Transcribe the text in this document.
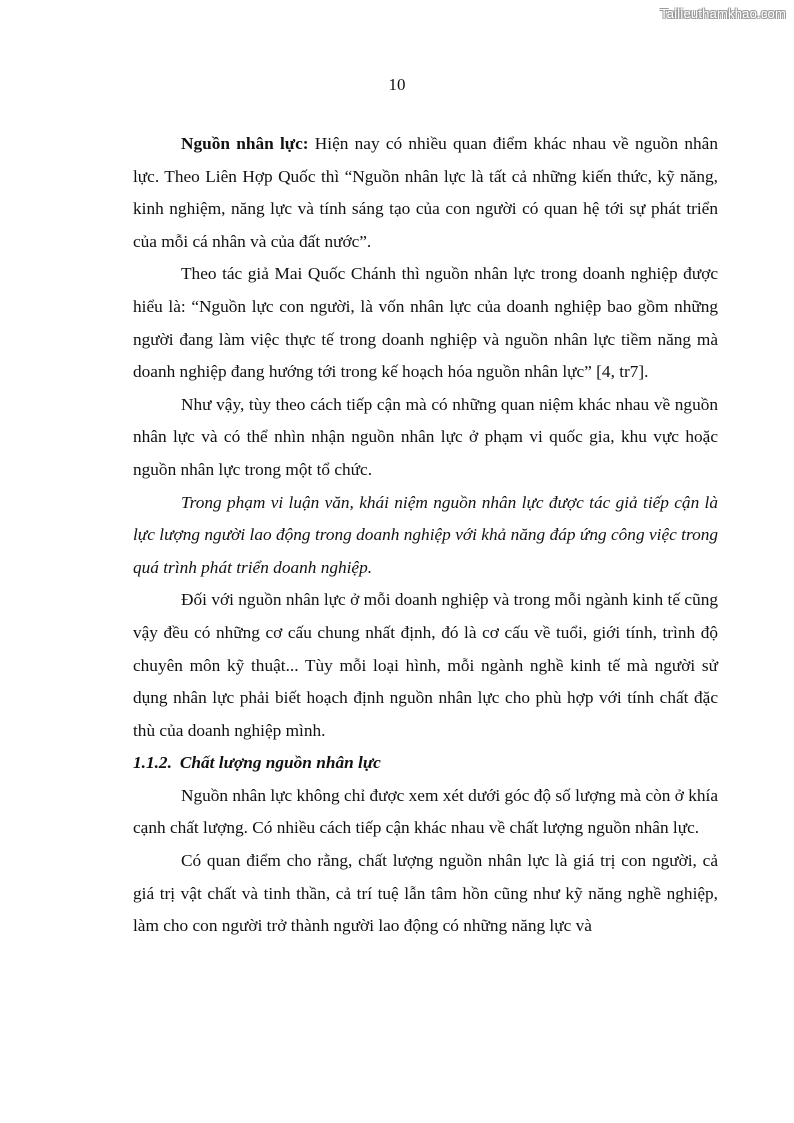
Tailieuthamkhao.com
10

Nguồn nhân lực: Hiện nay có nhiều quan điểm khác nhau về nguồn nhân lực. Theo Liên Hợp Quốc thì “Nguồn nhân lực là tất cả những kiến thức, kỹ năng, kinh nghiệm, năng lực và tính sáng tạo của con người có quan hệ tới sự phát triển của mỗi cá nhân và của đất nước”.

Theo tác giả Mai Quốc Chánh thì nguồn nhân lực trong doanh nghiệp được hiểu là: “Nguồn lực con người, là vốn nhân lực của doanh nghiệp bao gồm những người đang làm việc thực tế trong doanh nghiệp và nguồn nhân lực tiềm năng mà doanh nghiệp đang hướng tới trong kế hoạch hóa nguồn nhân lực” [4, tr7].

Như vậy, tùy theo cách tiếp cận mà có những quan niệm khác nhau về nguồn nhân lực và có thể nhìn nhận nguồn nhân lực ở phạm vi quốc gia, khu vực hoặc nguồn nhân lực trong một tổ chức.

Trong phạm vi luận văn, khái niệm nguồn nhân lực được tác giả tiếp cận là lực lượng người lao động trong doanh nghiệp với khả năng đáp ứng công việc trong quá trình phát triển doanh nghiệp.

Đối với nguồn nhân lực ở mỗi doanh nghiệp và trong mỗi ngành kinh tế cũng vậy đều có những cơ cấu chung nhất định, đó là cơ cấu về tuổi, giới tính, trình độ chuyên môn kỹ thuật... Tùy mỗi loại hình, mỗi ngành nghề kinh tế mà người sử dụng nhân lực phải biết hoạch định nguồn nhân lực cho phù hợp với tính chất đặc thù của doanh nghiệp mình.

1.1.2. Chất lượng nguồn nhân lực

Nguồn nhân lực không chỉ được xem xét dưới góc độ số lượng mà còn ở khía cạnh chất lượng. Có nhiều cách tiếp cận khác nhau về chất lượng nguồn nhân lực.

Có quan điểm cho rằng, chất lượng nguồn nhân lực là giá trị con người, cả giá trị vật chất và tinh thần, cả trí tuệ lẫn tâm hồn cũng như kỹ năng nghề nghiệp, làm cho con người trở thành người lao động có những năng lực và
